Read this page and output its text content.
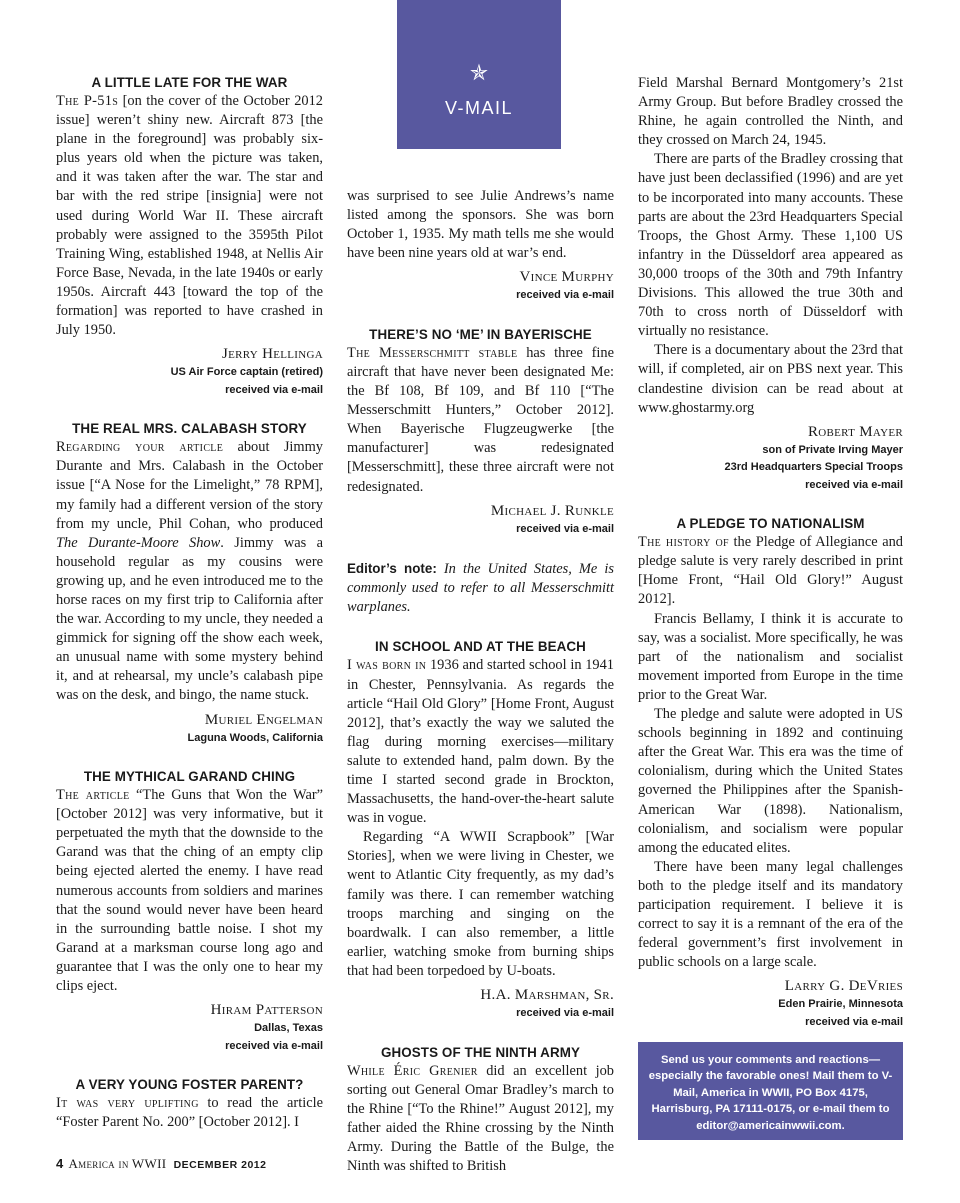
✯
V-MAIL
A LITTLE LATE FOR THE WAR

The P-51s [on the cover of the October 2012 issue] weren’t shiny new. Aircraft 873 [the plane in the foreground] was probably six-plus years old when the picture was taken, and it was taken after the war. The star and bar with the red stripe [insignia] were not used during World War II. These aircraft probably were assigned to the 3595th Pilot Training Wing, established 1948, at Nellis Air Force Base, Nevada, in the late 1940s or early 1950s. Aircraft 443 [toward the top of the formation] was reported to have crashed in July 1950.

Jerry Hellinga
US Air Force captain (retired)
received via e-mail
THE REAL MRS. CALABASH STORY

Regarding your article about Jimmy Durante and Mrs. Calabash in the October issue [“A Nose for the Limelight,” 78 RPM], my family had a different version of the story from my uncle, Phil Cohan, who produced The Durante-Moore Show. Jimmy was a household regular as my cousins were growing up, and he even introduced me to the horse races on my first trip to California after the war. According to my uncle, they needed a gimmick for signing off the show each week, an unusual name with some mystery behind it, and at rehearsal, my uncle’s calabash pipe was on the desk, and bingo, the name stuck.

Muriel Engelman
Laguna Woods, California
THE MYTHICAL GARAND CHING

The article “The Guns that Won the War” [October 2012] was very informative, but it perpetuated the myth that the downside to the Garand was that the ching of an empty clip being ejected alerted the enemy. I have read numerous accounts from soldiers and marines that the sound would never have been heard in the surrounding battle noise. I shot my Garand at a marksman course long ago and guarantee that I was the only one to hear my clips eject.

Hiram Patterson
Dallas, Texas
received via e-mail
A VERY YOUNG FOSTER PARENT?

It was very uplifting to read the article “Foster Parent No. 200” [October 2012]. I

was surprised to see Julie Andrews’s name listed among the sponsors. She was born October 1, 1935. My math tells me she would have been nine years old at war’s end.

Vince Murphy
received via e-mail
THERE’S NO ‘ME’ IN BAYERISCHE

The Messerschmitt stable has three fine aircraft that have never been designated Me: the Bf 108, Bf 109, and Bf 110 [“The Messerschmitt Hunters,” October 2012]. When Bayerische Flugzeugwerke [the manufacturer] was redesignated [Messerschmitt], these three aircraft were not redesignated.

Michael J. Runkle
received via e-mail

Editor’s note: In the United States, Me is commonly used to refer to all Messerschmitt warplanes.

IN SCHOOL AND AT THE BEACH

I was born in 1936 and started school in 1941 in Chester, Pennsylvania. As regards the article “Hail Old Glory” [Home Front, August 2012], that’s exactly the way we saluted the flag during morning exercises—military salute to extended hand, palm down. By the time I started second grade in Brockton, Massachusetts, the hand-over-the-heart salute was in vogue.

Regarding “A WWII Scrapbook” [War Stories], when we were living in Chester, we went to Atlantic City frequently, as my dad’s family was there. I can remember watching troops marching and singing on the boardwalk. I can also remember, a little earlier, watching smoke from burning ships that had been torpedoed by U-boats.

H.A. Marshman, Sr.
received via e-mail
GHOSTS OF THE NINTH ARMY

While Éric Grenier did an excellent job sorting out General Omar Bradley’s march to the Rhine [“To the Rhine!” August 2012], my father aided the Rhine crossing by the Ninth Army. During the Battle of the Bulge, the Ninth was shifted to British

Field Marshal Bernard Montgomery’s 21st Army Group. But before Bradley crossed the Rhine, he again controlled the Ninth, and they crossed on March 24, 1945.

There are parts of the Bradley crossing that have just been declassified (1996) and are yet to be incorporated into many accounts. These parts are about the 23rd Headquarters Special Troops, the Ghost Army. These 1,100 US infantry in the Düsseldorf area appeared as 30,000 troops of the 30th and 79th Infantry Divisions. This allowed the true 30th and 70th to cross north of Düsseldorf with virtually no resistance.

There is a documentary about the 23rd that will, if completed, air on PBS next year. This clandestine division can be read about at www.ghostarmy.org

Robert Mayer
son of Private Irving Mayer
23rd Headquarters Special Troops
received via e-mail
A PLEDGE TO NATIONALISM

The history of the Pledge of Allegiance and pledge salute is very rarely described in print [Home Front, “Hail Old Glory!” August 2012].

Francis Bellamy, I think it is accurate to say, was a socialist. More specifically, he was part of the nationalism and socialist movement imported from Europe in the time prior to the Great War.

The pledge and salute were adopted in US schools beginning in 1892 and continuing after the Great War. This era was the time of colonialism, during which the United States governed the Philippines after the Spanish-American War (1898). Nationalism, colonialism, and socialism were popular among the educated elites.

There have been many legal challenges both to the pledge itself and its mandatory participation requirement. I believe it is correct to say it is a remnant of the era of the federal government’s first involvement in public schools on a large scale.

Larry G. DeVries
Eden Prairie, Minnesota
received via e-mail
Send us your comments and reactions—especially the favorable ones! Mail them to V-Mail, America in WWII, PO Box 4175, Harrisburg, PA 17111-0175, or e-mail them to editor@americainwwii.com.
4 America in WWII DECEMBER 2012
